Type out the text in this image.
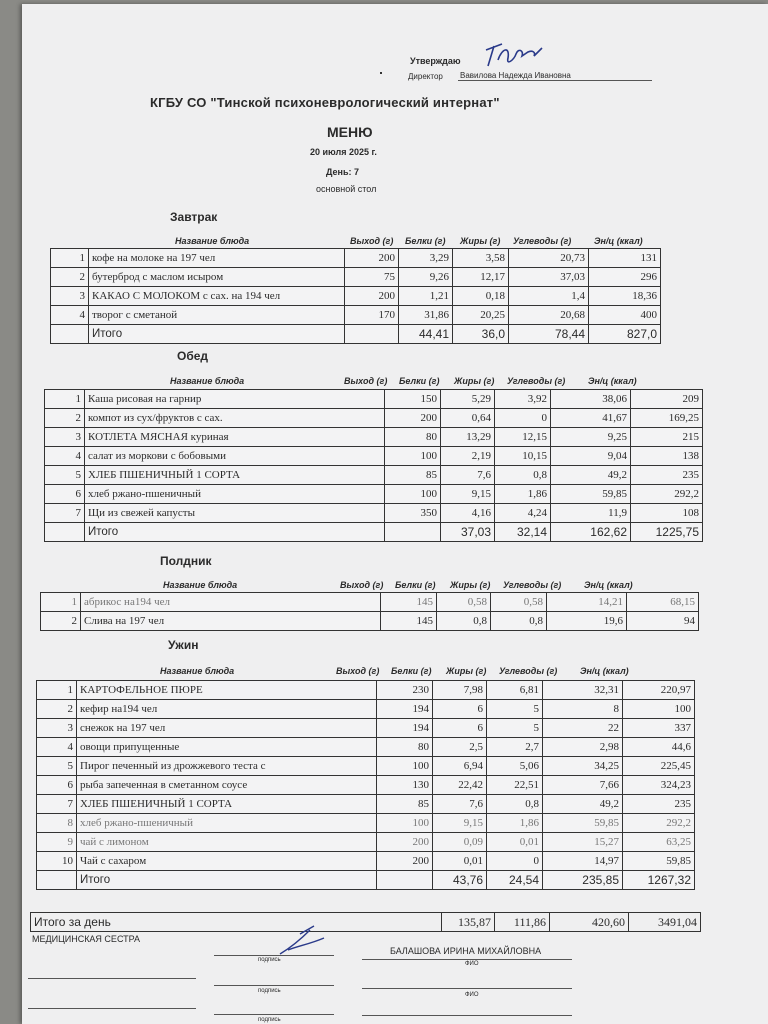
Утверждаю
Директор Вавилова Надежда Ивановна
КГБУ СО "Тинской психоневрологический интернат"
МЕНЮ
20 июля 2025 г.
День: 7
основной стол
Завтрак
Название блюда	Выход (г) Белки (г) Жиры (г) Углеводы (г)	Эн/ц (ккал)
1	кофе на молоке на 197 чел	200	3,29	3,58	20,73	131
2	бутерброд с маслом исыром	75	9,26	12,17	37,03	296
3	КАКАО С МОЛОКОМ с сах. на 194 чел	200	1,21	0,18	1,4	18,36
4	творог с сметаной	170	31,86	20,25	20,68	400
	Итого		44,41	36,0	78,44	827,0
Обед
Название блюда	Выход (г) Белки (г) Жиры (г) Углеводы (г)	Эн/ц (ккал)
1	Каша рисовая на гарнир	150	5,29	3,92	38,06	209
2	компот из сух/фруктов с сах.	200	0,64	0	41,67	169,25
3	КОТЛЕТА МЯСНАЯ куриная	80	13,29	12,15	9,25	215
4	салат из моркови с бобовыми	100	2,19	10,15	9,04	138
5	ХЛЕБ ПШЕНИЧНЫЙ 1 СОРТА	85	7,6	0,8	49,2	235
6	хлеб ржано-пшеничный	100	9,15	1,86	59,85	292,2
7	Щи из свежей капусты	350	4,16	4,24	11,9	108
	Итого		37,03	32,14	162,62	1225,75
Полдник
Название блюда	Выход (г) Белки (г) Жиры (г) Углеводы (г)	Эн/ц (ккал)
1	абрикос на194 чел	145	0,58	0,58	14,21	68,15
2	Слива на 197 чел	145	0,8	0,8	19,6	94
Ужин
Название блюда	Выход (г) Белки (г) Жиры (г) Углеводы (г)	Эн/ц (ккал)
1	КАРТОФЕЛЬНОЕ ПЮРЕ	230	7,98	6,81	32,31	220,97
2	кефир на194 чел	194	6	5	8	100
3	снежок на 197 чел	194	6	5	22	337
4	овощи припущенные	80	2,5	2,7	2,98	44,6
5	Пирог печенный из дрожжевого теста с	100	6,94	5,06	34,25	225,45
6	рыба запеченная в сметанном соусе	130	22,42	22,51	7,66	324,23
7	ХЛЕБ ПШЕНИЧНЫЙ 1 СОРТА	85	7,6	0,8	49,2	235
8	хлеб ржано-пшеничный	100	9,15	1,86	59,85	292,2
9	чай с лимоном	200	0,09	0,01	15,27	63,25
10	Чай с сахаром	200	0,01	0	14,97	59,85
	Итого		43,76	24,54	235,85	1267,32
Итого за день	135,87	111,86	420,60	3491,04
МЕДИЦИНСКАЯ СЕСТРА
подпись
БАЛАШОВА ИРИНА МИХАЙЛОВНА
ФИО
подпись
ФИО
подпись
